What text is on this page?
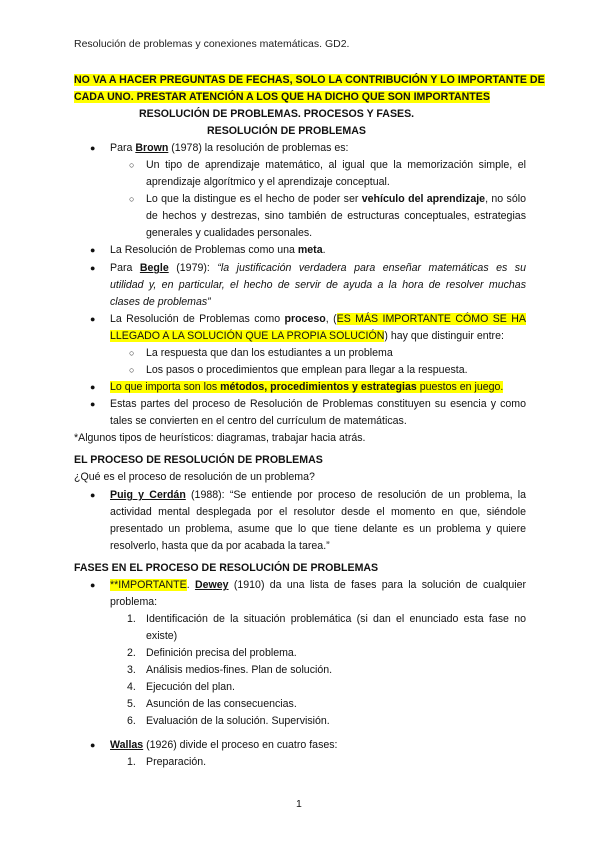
Resolución de problemas y conexiones matemáticas. GD2.
NO VA A HACER PREGUNTAS DE FECHAS, SOLO LA CONTRIBUCIÓN Y LO IMPORTANTE DE
CADA UNO. PRESTAR ATENCIÓN A LOS QUE HA DICHO QUE SON IMPORTANTES
RESOLUCIÓN DE PROBLEMAS. PROCESOS Y FASES.
RESOLUCIÓN DE PROBLEMAS
● Para Brown (1978) la resolución de problemas es:
○ Un tipo de aprendizaje matemático, al igual que la memorización simple, el
aprendizaje algorítmico y el aprendizaje conceptual.
○ Lo que la distingue es el hecho de poder ser vehículo del aprendizaje, no sólo
de hechos y destrezas, sino también de estructuras conceptuales, estrategias
generales y cualidades personales.
● La Resolución de Problemas como una meta.
● Para Begle (1979): “la justificación verdadera para enseñar matemáticas es su
utilidad y, en particular, el hecho de servir de ayuda a la hora de resolver muchas
clases de problemas”
● La Resolución de Problemas como proceso, (ES MÁS IMPORTANTE CÓMO SE HA
LLEGADO A LA SOLUCIÓN QUE LA PROPIA SOLUCIÓN) hay que distinguir entre:
○ La respuesta que dan los estudiantes a un problema
○ Los pasos o procedimientos que emplean para llegar a la respuesta.
● Lo que importa son los métodos, procedimientos y estrategias puestos en juego.
● Estas partes del proceso de Resolución de Problemas constituyen su esencia y como
tales se convierten en el centro del currículum de matemáticas.
*Algunos tipos de heurísticos: diagramas, trabajar hacia atrás.
EL PROCESO DE RESOLUCIÓN DE PROBLEMAS
¿Qué es el proceso de resolución de un problema?
● Puig y Cerdán (1988): “Se entiende por proceso de resolución de un problema, la
actividad mental desplegada por el resolutor desde el momento en que, siéndole
presentado un problema, asume que lo que tiene delante es un problema y quiere
resolverlo, hasta que da por acabada la tarea.”
FASES EN EL PROCESO DE RESOLUCIÓN DE PROBLEMAS
● **IMPORTANTE. Dewey (1910) da una lista de fases para la solución de cualquier
problema:
1. Identificación de la situación problemática (si dan el enunciado esta fase no
existe)
2. Definición precisa del problema.
3. Análisis medios-fines. Plan de solución.
4. Ejecución del plan.
5. Asunción de las consecuencias.
6. Evaluación de la solución. Supervisión.
● Wallas (1926) divide el proceso en cuatro fases:
1. Preparación.
1
